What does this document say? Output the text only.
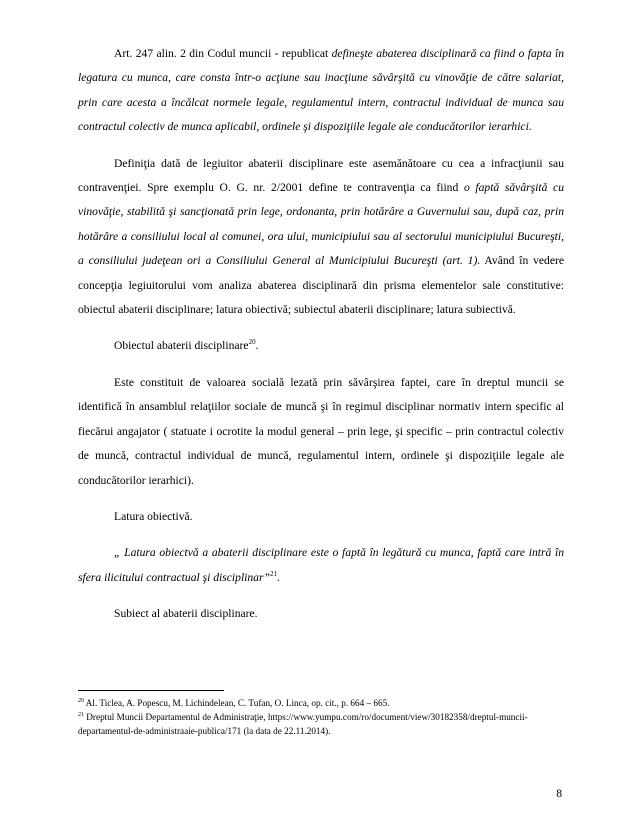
Art. 247 alin. 2 din Codul muncii - republicat defineşte abaterea disciplinară ca fiind o fapta în legatura cu munca, care consta într-o acţiune sau inacţiune săvârşită cu vinovăţie de către salariat, prin care acesta a încălcat normele legale, regulamentul intern, contractul individual de munca sau contractul colectiv de munca aplicabil, ordinele şi dispoziţiile legale ale conducătorilor ierarhici.

Definiţia dată de legiuitor abaterii disciplinare este asemănătoare cu cea a infracţiunii sau contravenţiei. Spre exemplu O. G. nr. 2/2001 define te contravenţia ca fiind o faptă săvârşită cu vinovăţie, stabilită şi sancţionată prin lege, ordonanta, prin hotărâre a Guvernului sau, după caz, prin hotărâre a consiliului local al comunei, ora ului, municipiului sau al sectorului municipiului Bucureşti, a consiliului judeţean ori a Consiliului General al Municipiului Bucureşti (art. 1). Având în vedere concepţia legiuitorului vom analiza abaterea disciplinară din prisma elementelor sale constitutive: obiectul abaterii disciplinare; latura obiectivă; subiectul abaterii disciplinare; latura subiectivă.

Obiectul abaterii disciplinare$^{20}$.

Este constituit de valoarea socială lezată prin săvârşirea faptei, care în dreptul muncii se identifică în ansamblul relaţiilor sociale de muncă şi în regimul disciplinar normativ intern specific al fiecărui angajator ( statuate i ocrotite la modul general – prin lege, şi specific – prin contractul colectiv de muncă, contractul individual de muncă, regulamentul intern, ordinele şi dispoziţiile legale ale conducătorilor ierarhici).

Latura obiectivă.

„ Latura obiectvă a abaterii disciplinare este o faptă în legătură cu munca, faptă care intră în sfera ilicitului contractual şi disciplinar”$^{21}$.

Subiect al abaterii disciplinare.

$^{20}$ Al. Ticlea, A. Popescu, M. Lichindelean, C. Tufan, O. Linca, op. cit., p. 664 – 665.

$^{21}$ Dreptul Muncii Departamentul de Administraţie, https://www.yumpu.com/ro/document/view/30182358/dreptul-muncii-departamentul-de-administraaie-publica/171 (la data de 22.11.2014).

8
